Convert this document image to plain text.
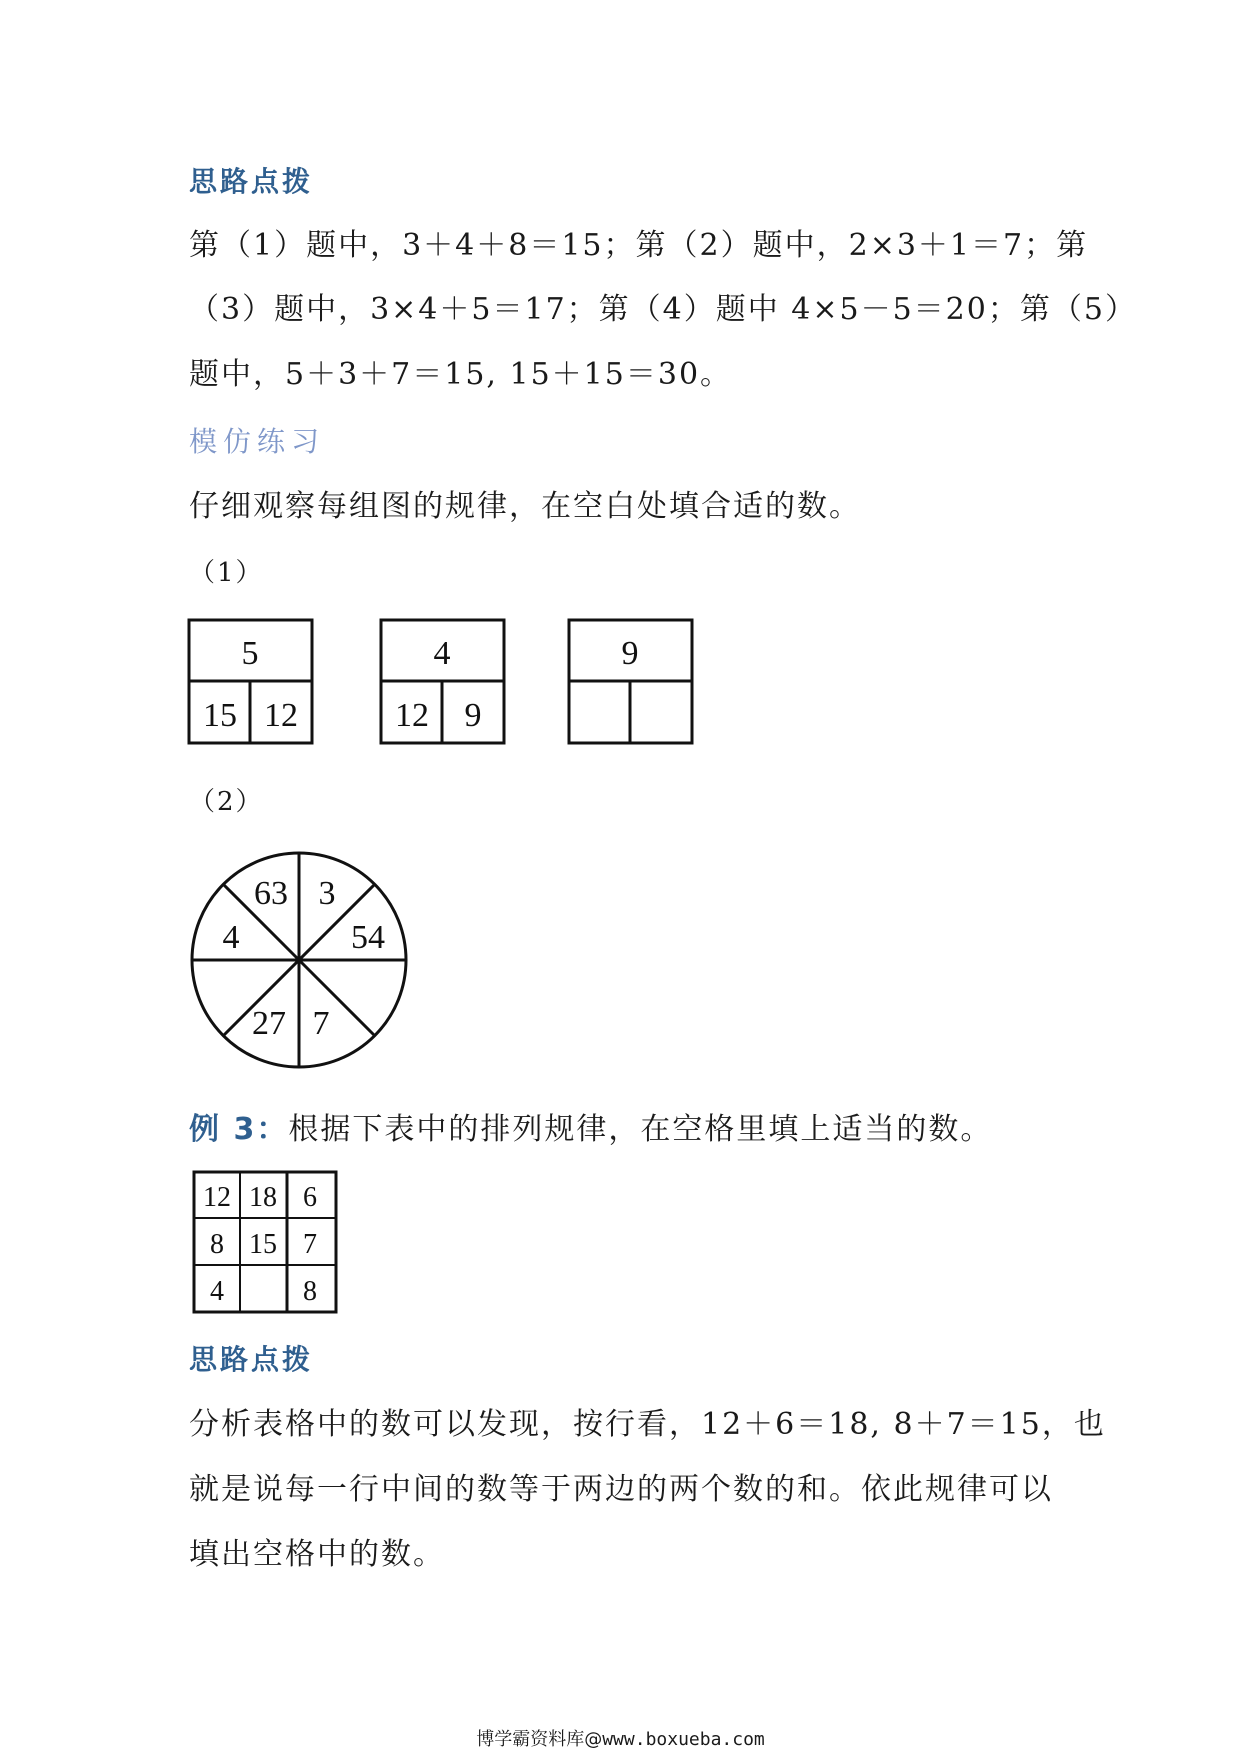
思路点拨

第（1）题中，3＋4＋8＝15；第（2）题中，2×3＋1＝7；第

（3）题中，3×4＋5＝17；第（4）题中 4×5－5＝20；第（5）

题中，5＋3＋7＝15, 15＋15＝30。

模仿练习

仔细观察每组图的规律，在空白处填合适的数。

（1）

5
15 12
4
12 9
9

（2）

63 3
4	54
27 7

例 3：根据下表中的排列规律，在空格里填上适当的数。

12 18 6
8 15 7
4	8

思路点拨

分析表格中的数可以发现，按行看，12＋6＝18, 8＋7＝15，也

就是说每一行中间的数等于两边的两个数的和。依此规律可以

填出空格中的数。

博学霸资料库@www.boxueba.com
